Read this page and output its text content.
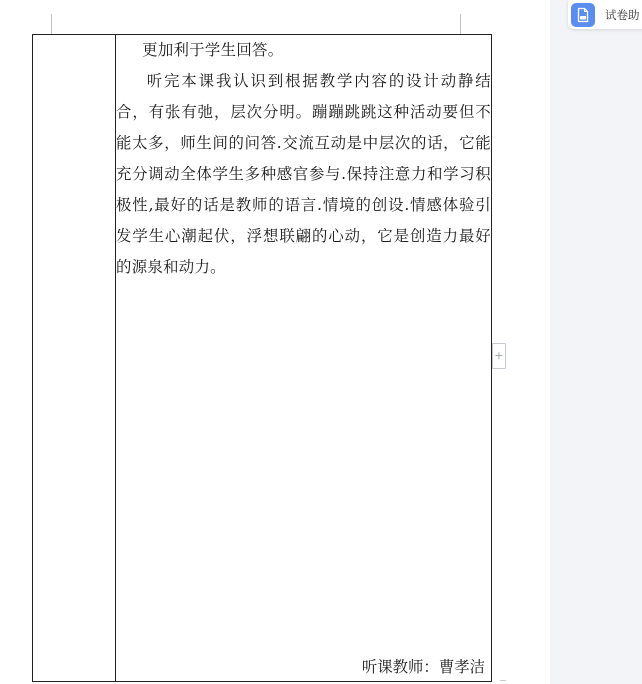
更加利于学生回答。

听完本课我认识到根据教学内容的设计动静结合，有张有弛，层次分明。蹦蹦跳跳这种活动要但不能太多，师生间的问答.交流互动是中层次的话，它能充分调动全体学生多种感官参与.保持注意力和学习积极性,最好的话是教师的语言.情境的创设.情感体验引发学生心潮起伏，浮想联翩的心动，它是创造力最好的源泉和动力。

听课教师：曹孝洁
+
试卷助
